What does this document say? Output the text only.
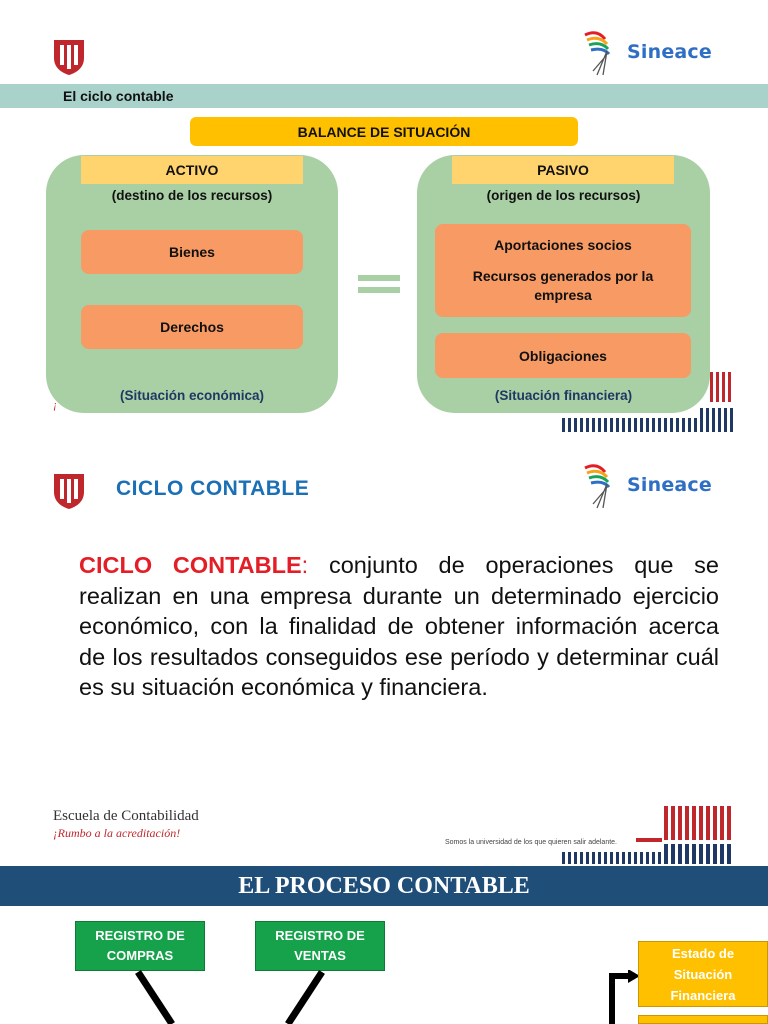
Sineace
El ciclo contable
BALANCE DE SITUACIÓN
ACTIVO
(destino de los recursos)
Bienes
Derechos
(Situación económica)
PASIVO
(origen de los recursos)
Aportaciones socios
Recursos generados por la empresa
Obligaciones
(Situación financiera)
¡
CICLO CONTABLE	Sineace

CICLO CONTABLE: conjunto de operaciones que se realizan en una empresa durante un determinado ejercicio económico, con la finalidad de obtener información acerca de los resultados conseguidos ese período y determinar cuál es su situación económica y financiera.

Escuela de Contabilidad
¡Rumbo a la acreditación!
Somos la universidad de los que quieren salir adelante.
EL PROCESO CONTABLE
REGISTRO DE COMPRAS
REGISTRO DE VENTAS	Estado de Situación Financiera
